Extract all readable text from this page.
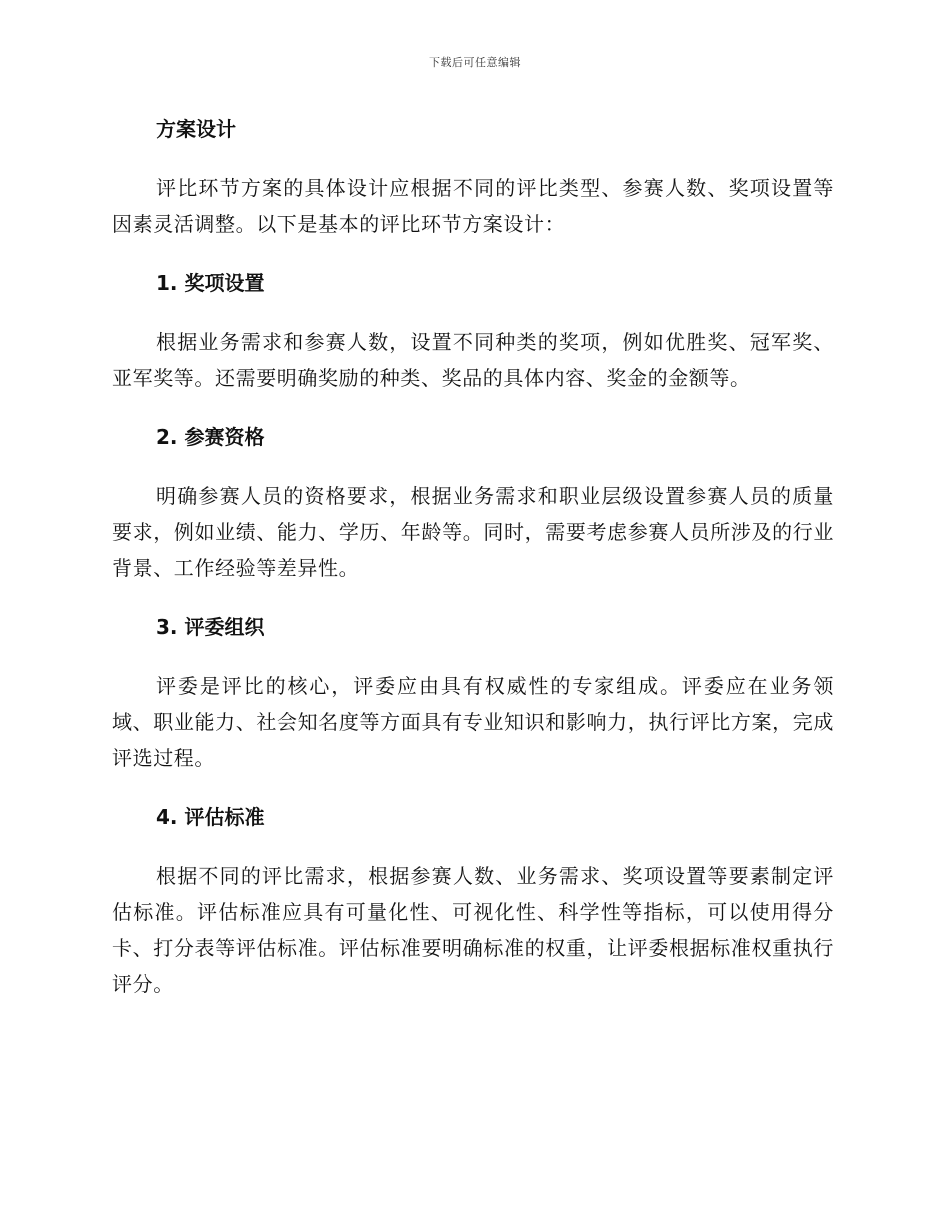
下载后可任意编辑
方案设计
评比环节方案的具体设计应根据不同的评比类型、参赛人数、奖项设置等因素灵活调整。以下是基本的评比环节方案设计：
1. 奖项设置
根据业务需求和参赛人数，设置不同种类的奖项，例如优胜奖、冠军奖、亚军奖等。还需要明确奖励的种类、奖品的具体内容、奖金的金额等。
2. 参赛资格
明确参赛人员的资格要求，根据业务需求和职业层级设置参赛人员的质量要求，例如业绩、能力、学历、年龄等。同时，需要考虑参赛人员所涉及的行业背景、工作经验等差异性。
3. 评委组织
评委是评比的核心，评委应由具有权威性的专家组成。评委应在业务领域、职业能力、社会知名度等方面具有专业知识和影响力，执行评比方案，完成评选过程。
4. 评估标准
根据不同的评比需求，根据参赛人数、业务需求、奖项设置等要素制定评估标准。评估标准应具有可量化性、可视化性、科学性等指标，可以使用得分卡、打分表等评估标准。评估标准要明确标准的权重，让评委根据标准权重执行评分。
